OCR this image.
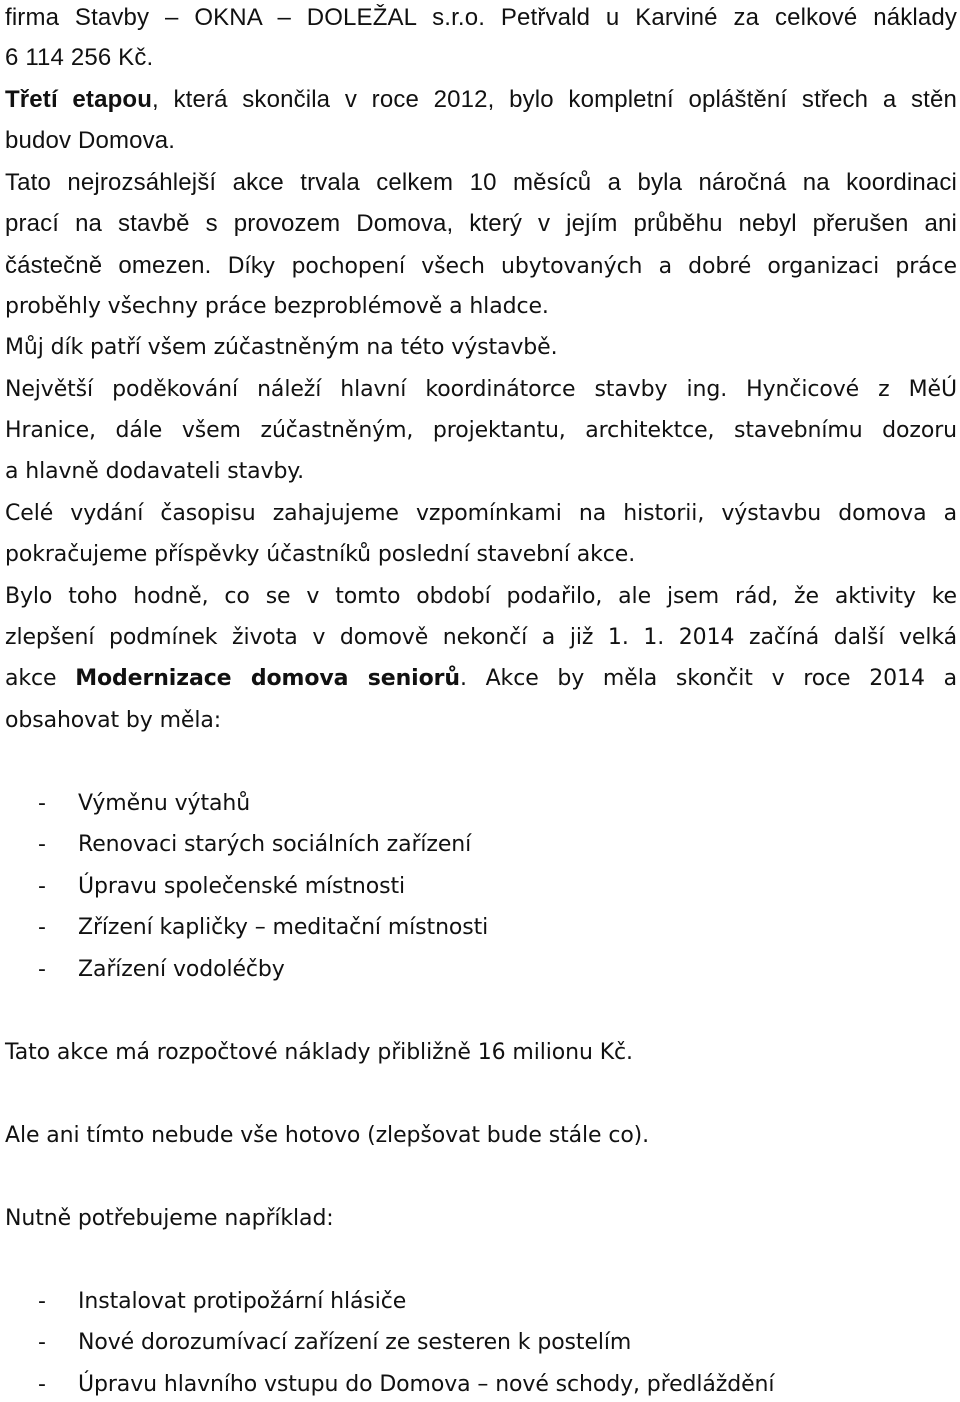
firma Stavby – OKNA – DOLEŽAL s.r.o. Petřvald u Karviné za celkové náklady
6 114 256 Kč.
Třetí etapou, která skončila v roce 2012, bylo kompletní opláštění střech a stěn
budov Domova.
Tato nejrozsáhlejší akce trvala celkem 10 měsíců a byla náročná na koordinaci
prací na stavbě s provozem Domova, který v jejím průběhu nebyl přerušen ani
částečně omezen. Díky pochopení všech ubytovaných a dobré organizaci práce
proběhly všechny práce bezproblémově a hladce.
Můj dík patří všem zúčastněným na této výstavbě.
Největší poděkování náleží hlavní koordinátorce stavby ing. Hynčicové z MěÚ
Hranice, dále všem zúčastněným, projektantu, architektce, stavebnímu dozoru
a hlavně dodavateli stavby.
Celé vydání časopisu zahajujeme vzpomínkami na historii, výstavbu domova a
pokračujeme příspěvky účastníků poslední stavební akce.
Bylo toho hodně, co se v tomto období podařilo, ale jsem rád, že aktivity ke
zlepšení podmínek života v domově nekončí a již 1. 1. 2014 začíná další velká
akce Modernizace domova seniorů. Akce by měla skončit v roce 2014 a
obsahovat by měla:
- Výměnu výtahů
- Renovaci starých sociálních zařízení
- Úpravu společenské místnosti
- Zřízení kapličky – meditační místnosti
- Zařízení vodoléčby
Tato akce má rozpočtové náklady přibližně 16 milionu Kč.
Ale ani tímto nebude vše hotovo (zlepšovat bude stále co).
Nutně potřebujeme například:
- Instalovat protipožární hlásiče
- Nové dorozumívací zařízení ze sesteren k postelím
- Úpravu hlavního vstupu do Domova – nové schody, předláždění
